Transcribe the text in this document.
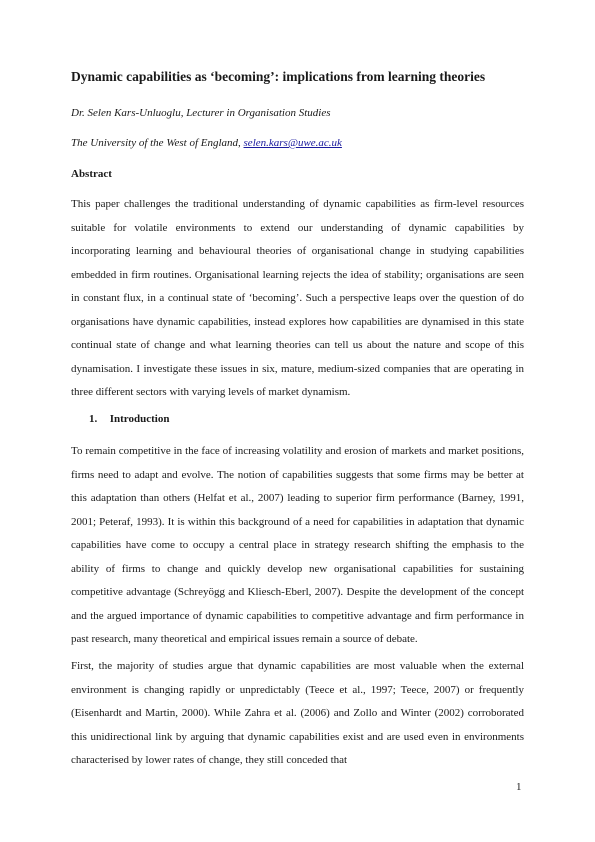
Dynamic capabilities as ‘becoming’: implications from learning theories
Dr. Selen Kars-Unluoglu, Lecturer in Organisation Studies
The University of the West of England, selen.kars@uwe.ac.uk
Abstract

This paper challenges the traditional understanding of dynamic capabilities as firm-level resources suitable for volatile environments to extend our understanding of dynamic capabilities by incorporating learning and behavioural theories of organisational change in studying capabilities embedded in firm routines. Organisational learning rejects the idea of stability; organisations are seen in constant flux, in a continual state of ‘becoming’. Such a perspective leaps over the question of do organisations have dynamic capabilities, instead explores how capabilities are dynamised in this state continual state of change and what learning theories can tell us about the nature and scope of this dynamisation. I investigate these issues in six, mature, medium-sized companies that are operating in three different sectors with varying levels of market dynamism.

1. Introduction

To remain competitive in the face of increasing volatility and erosion of markets and market positions, firms need to adapt and evolve. The notion of capabilities suggests that some firms may be better at this adaptation than others (Helfat et al., 2007) leading to superior firm performance (Barney, 1991, 2001; Peteraf, 1993). It is within this background of a need for capabilities in adaptation that dynamic capabilities have come to occupy a central place in strategy research shifting the emphasis to the ability of firms to change and quickly develop new organisational capabilities for sustaining competitive advantage (Schreyögg and Kliesch-Eberl, 2007). Despite the development of the concept and the argued importance of dynamic capabilities to competitive advantage and firm performance in past research, many theoretical and empirical issues remain a source of debate.

First, the majority of studies argue that dynamic capabilities are most valuable when the external environment is changing rapidly or unpredictably (Teece et al., 1997; Teece, 2007) or frequently (Eisenhardt and Martin, 2000). While Zahra et al. (2006) and Zollo and Winter (2002) corroborated this unidirectional link by arguing that dynamic capabilities exist and are used even in environments characterised by lower rates of change, they still conceded that

1
